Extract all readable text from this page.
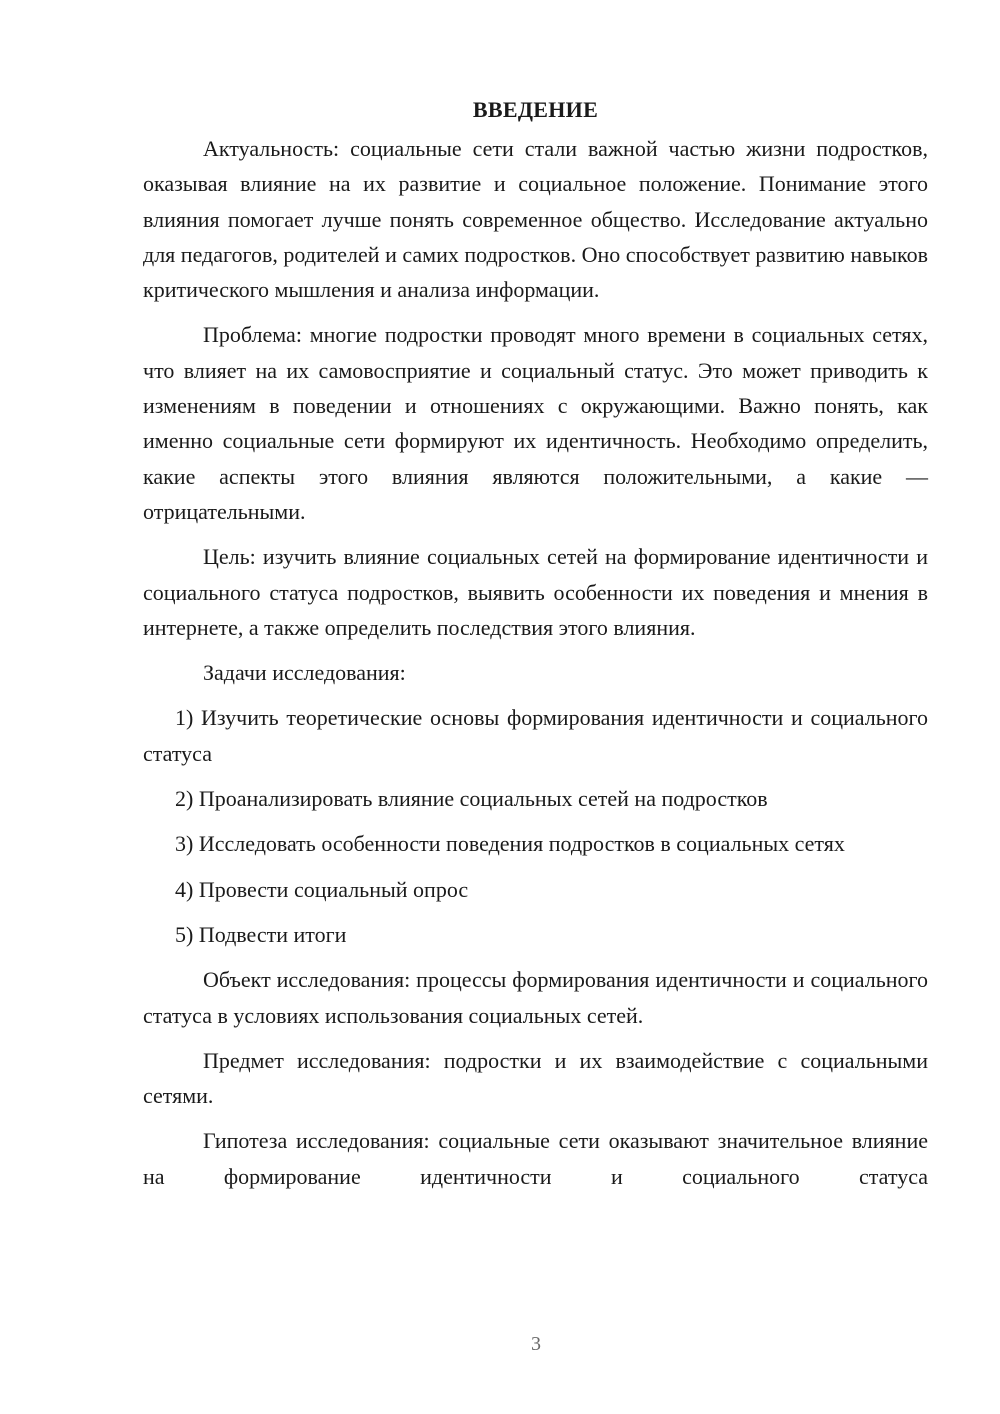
ВВЕДЕНИЕ

Актуальность: социальные сети стали важной частью жизни подростков, оказывая влияние на их развитие и социальное положение. Понимание этого влияния помогает лучше понять современное общество. Исследование актуально для педагогов, родителей и самих подростков. Оно способствует развитию навыков критического мышления и анализа информации.

Проблема: многие подростки проводят много времени в социальных сетях, что влияет на их самовосприятие и социальный статус. Это может приводить к изменениям в поведении и отношениях с окружающими. Важно понять, как именно социальные сети формируют их идентичность. Необходимо определить, какие аспекты этого влияния являются положительными, а какие — отрицательными.

Цель: изучить влияние социальных сетей на формирование идентичности и социального статуса подростков, выявить особенности их поведения и мнения в интернете, а также определить последствия этого влияния.

Задачи исследования:

1) Изучить теоретические основы формирования идентичности и социального статуса

2) Проанализировать влияние социальных сетей на подростков

3) Исследовать особенности поведения подростков в социальных сетях

4) Провести социальный опрос

5) Подвести итоги

Объект исследования: процессы формирования идентичности и социального статуса в условиях использования социальных сетей.

Предмет исследования: подростки и их взаимодействие с социальными сетями.

Гипотеза исследования: социальные сети оказывают значительное влияние на формирование идентичности и социального статуса

3
